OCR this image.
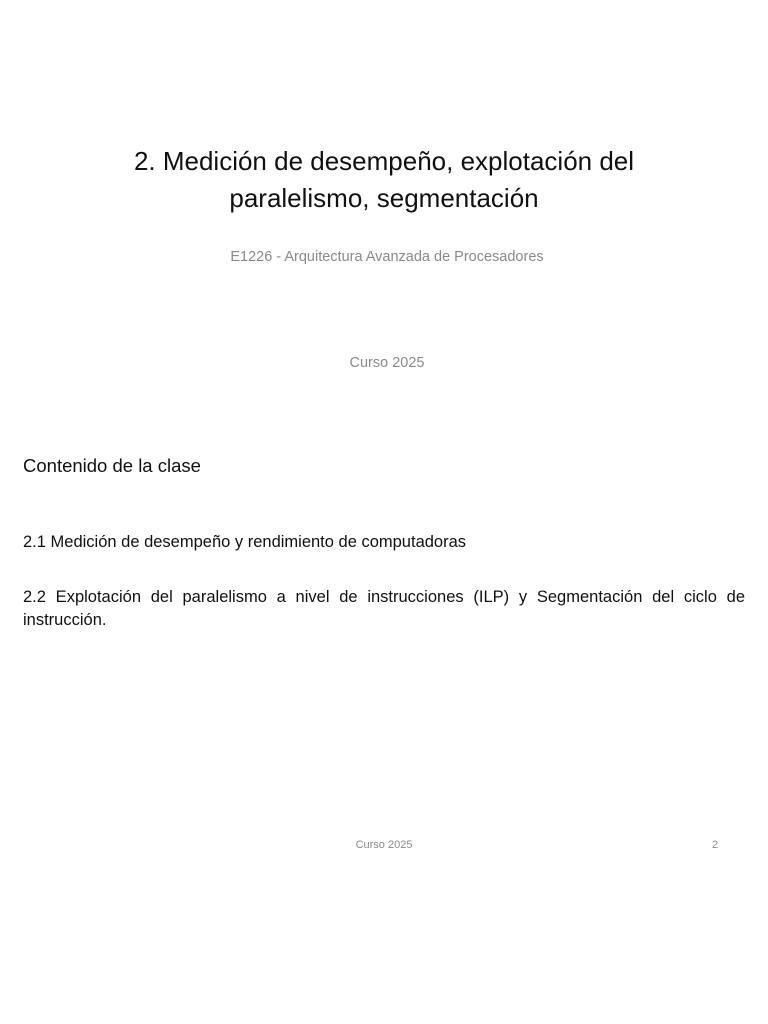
2. Medición de desempeño, explotación del paralelismo, segmentación

E1226 - Arquitectura Avanzada de Procesadores

Curso 2025

Contenido de la clase

2.1 Medición de desempeño y rendimiento de computadoras

2.2 Explotación del paralelismo a nivel de instrucciones (ILP) y Segmentación del ciclo de instrucción.

Curso 2025	2
